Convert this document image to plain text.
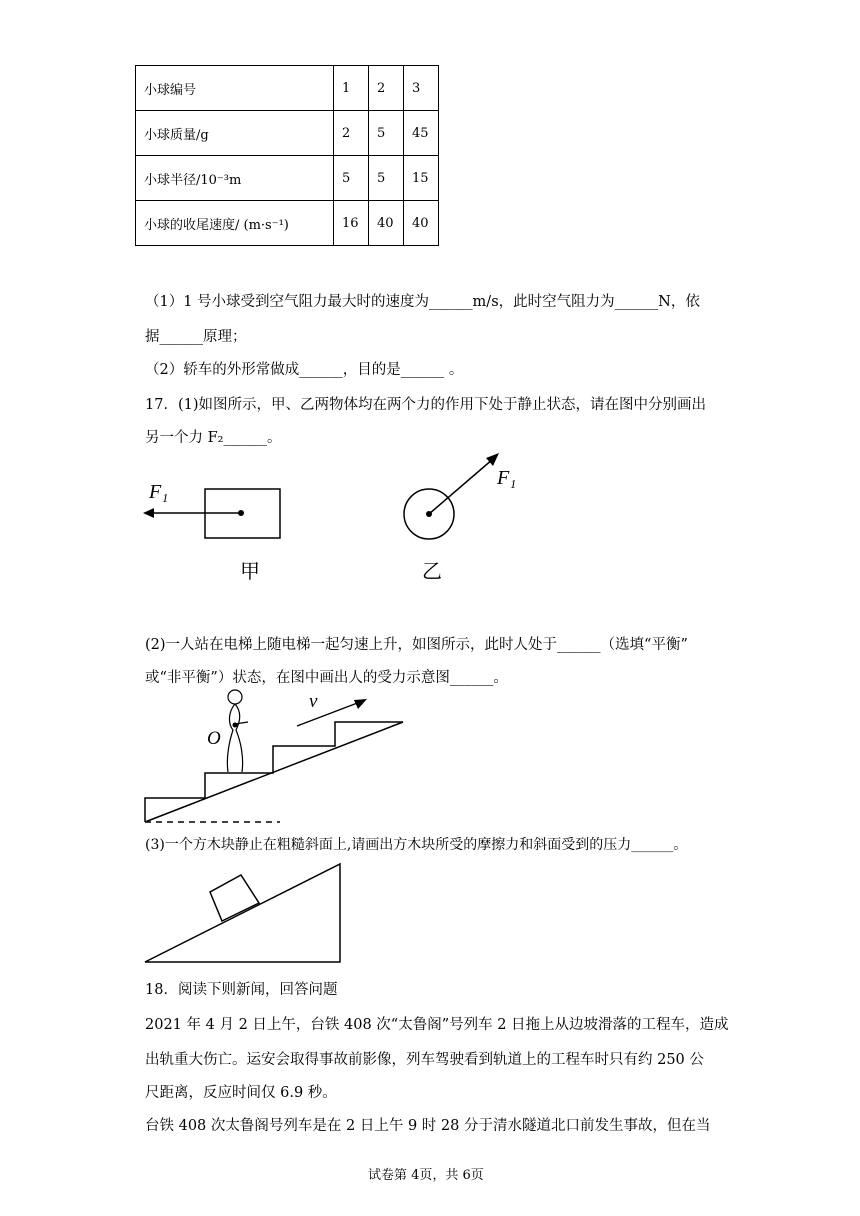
小球编号	1	2	3
小球质量/g	2	5	45
小球半径/10⁻³m	5	5	15
小球的收尾速度/ (m·s⁻¹)	16	40	40
（1）1 号小球受到空气阻力最大时的速度为______m/s，此时空气阻力为______N，依
据______原理；
（2）轿车的外形常做成______，目的是______ 。
17．(1)如图所示，甲、乙两物体均在两个力的作用下处于静止状态，请在图中分别画出
另一个力 F₂______。
F₁
甲
F₁
乙
O
v
(2)一人站在电梯上随电梯一起匀速上升，如图所示，此时人处于______（选填“平衡”
或“非平衡”）状态，在图中画出人的受力示意图______。
(3)一个方木块静止在粗糙斜面上,请画出方木块所受的摩擦力和斜面受到的压力______。
18．阅读下则新闻，回答问题
2021 年 4 月 2 日上午，台铁 408 次“太鲁阁”号列车 2 日拖上从边坡滑落的工程车，造成
出轨重大伤亡。运安会取得事故前影像，列车驾驶看到轨道上的工程车时只有约 250 公
尺距离，反应时间仅 6.9 秒。
台铁 408 次太鲁阁号列车是在 2 日上午 9 时 28 分于清水隧道北口前发生事故，但在当
试卷第 4页，共 6页
